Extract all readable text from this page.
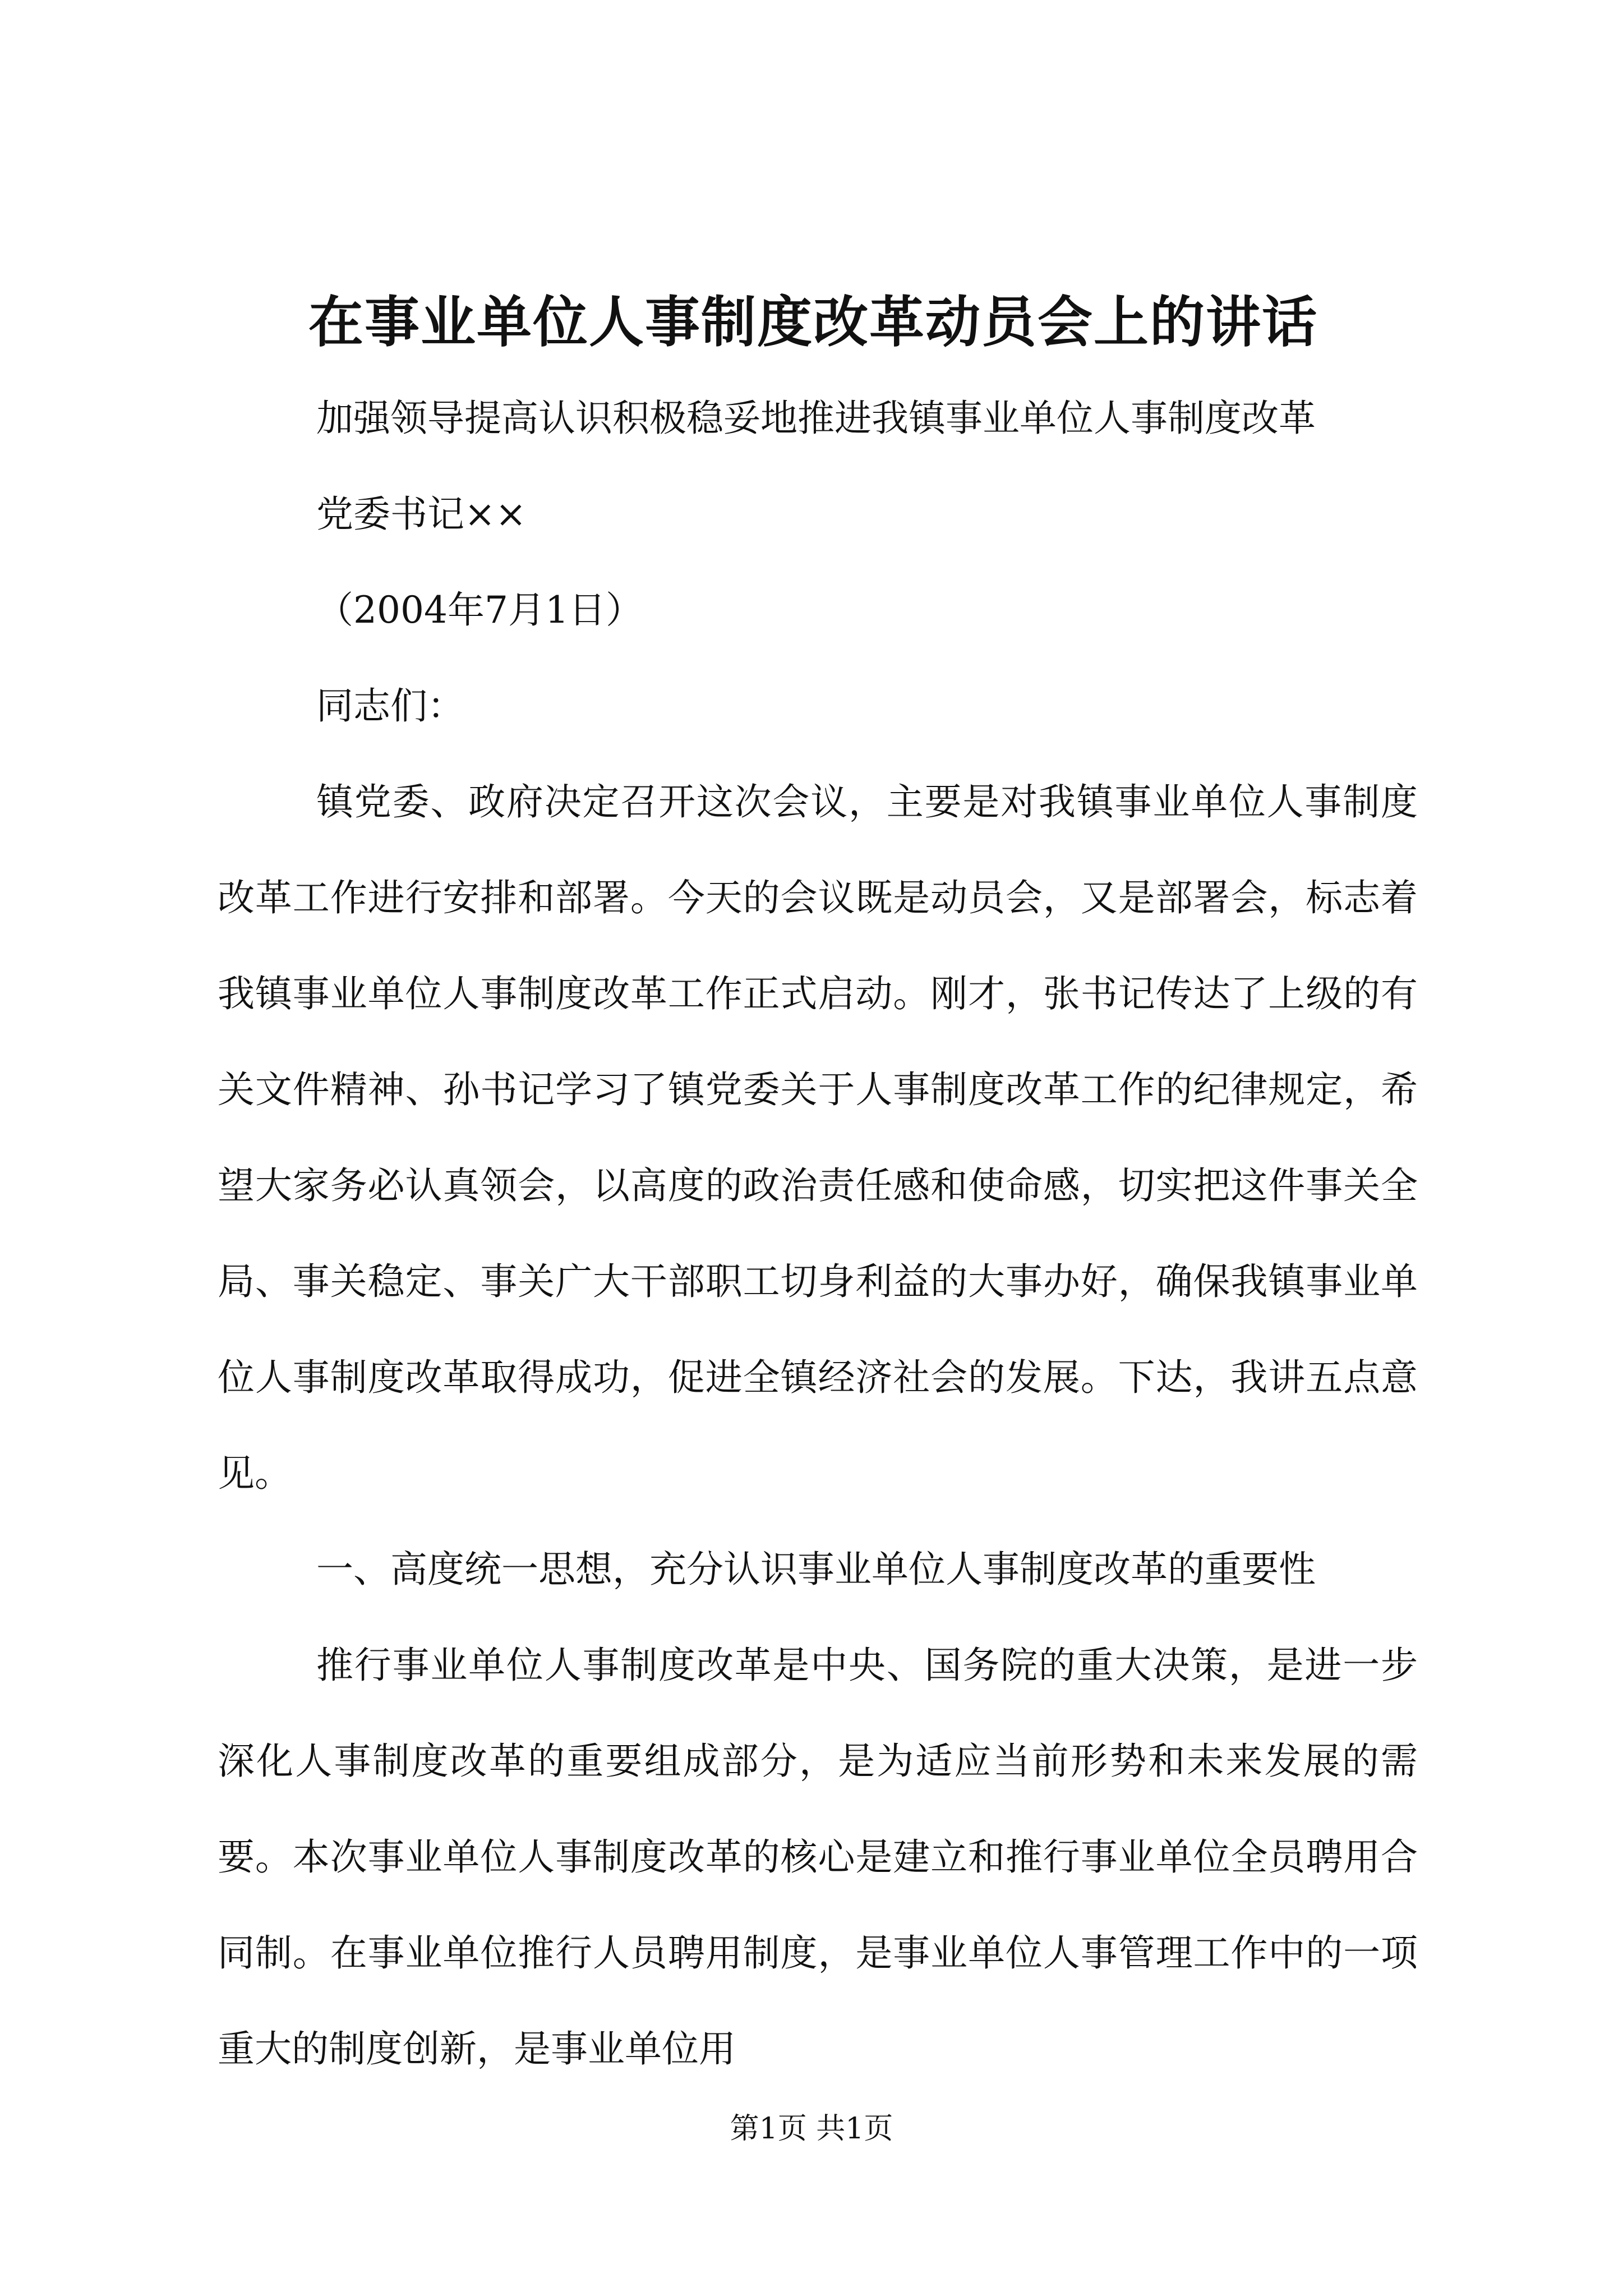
在事业单位人事制度改革动员会上的讲话

加强领导提高认识积极稳妥地推进我镇事业单位人事制度改革

党委书记××

（2004年7月1日）

同志们：

镇党委、政府决定召开这次会议，主要是对我镇事业单位人事制度改革工作进行安排和部署。今天的会议既是动员会，又是部署会，标志着我镇事业单位人事制度改革工作正式启动。刚才，张书记传达了上级的有关文件精神、孙书记学习了镇党委关于人事制度改革工作的纪律规定，希望大家务必认真领会，以高度的政治责任感和使命感，切实把这件事关全局、事关稳定、事关广大干部职工切身利益的大事办好，确保我镇事业单位人事制度改革取得成功，促进全镇经济社会的发展。下达，我讲五点意见。

一、高度统一思想，充分认识事业单位人事制度改革的重要性

推行事业单位人事制度改革是中央、国务院的重大决策，是进一步深化人事制度改革的重要组成部分，是为适应当前形势和未来发展的需要。本次事业单位人事制度改革的核心是建立和推行事业单位全员聘用合同制。在事业单位推行人员聘用制度，是事业单位人事管理工作中的一项重大的制度创新，是事业单位用

第1页 共1页
